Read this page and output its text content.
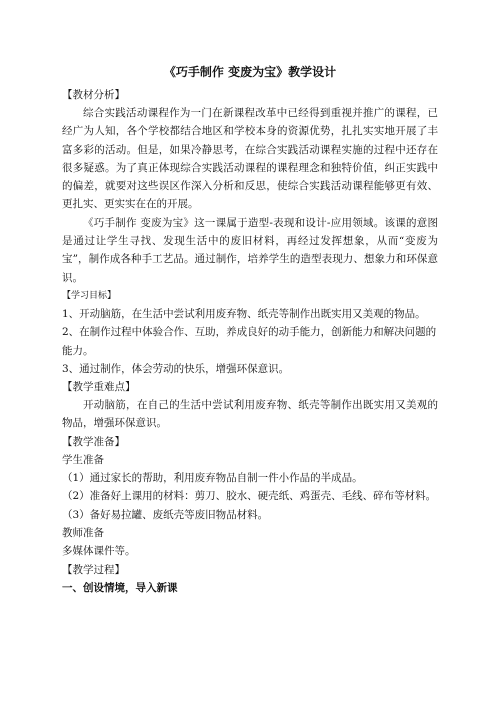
《巧手制作 变废为宝》教学设计

【教材分析】

综合实践活动课程作为一门在新课程改革中已经得到重视并推广的课程，已经广为人知，各个学校都结合地区和学校本身的资源优势，扎扎实实地开展了丰富多彩的活动。但是，如果冷静思考，在综合实践活动课程实施的过程中还存在很多疑惑。为了真正体现综合实践活动课程的课程理念和独特价值，纠正实践中的偏差，就要对这些误区作深入分析和反思，使综合实践活动课程能够更有效、更扎实、更实实在在的开展。

《巧手制作 变废为宝》这一课属于造型-表现和设计-应用领域。该课的意图是通过让学生寻找、发现生活中的废旧材料，再经过发挥想象，从而“变废为宝”，制作成各种手工艺品。通过制作，培养学生的造型表现力、想象力和环保意识。

【学习目标】

1、开动脑筋，在生活中尝试利用废弃物、纸壳等制作出既实用又美观的物品。

2、在制作过程中体验合作、互助，养成良好的动手能力，创新能力和解决问题的能力。

3、通过制作，体会劳动的快乐，增强环保意识。

【教学重难点】

开动脑筋，在自己的生活中尝试利用废弃物、纸壳等制作出既实用又美观的物品，增强环保意识。

【教学准备】

学生准备

（1）通过家长的帮助，利用废弃物品自制一件小作品的半成品。

（2）准备好上课用的材料：剪刀、胶水、硬壳纸、鸡蛋壳、毛线、碎布等材料。

（3）备好易拉罐、废纸壳等废旧物品材料。

教师准备

多媒体课件等。

【教学过程】

一、创设情境，导入新课
